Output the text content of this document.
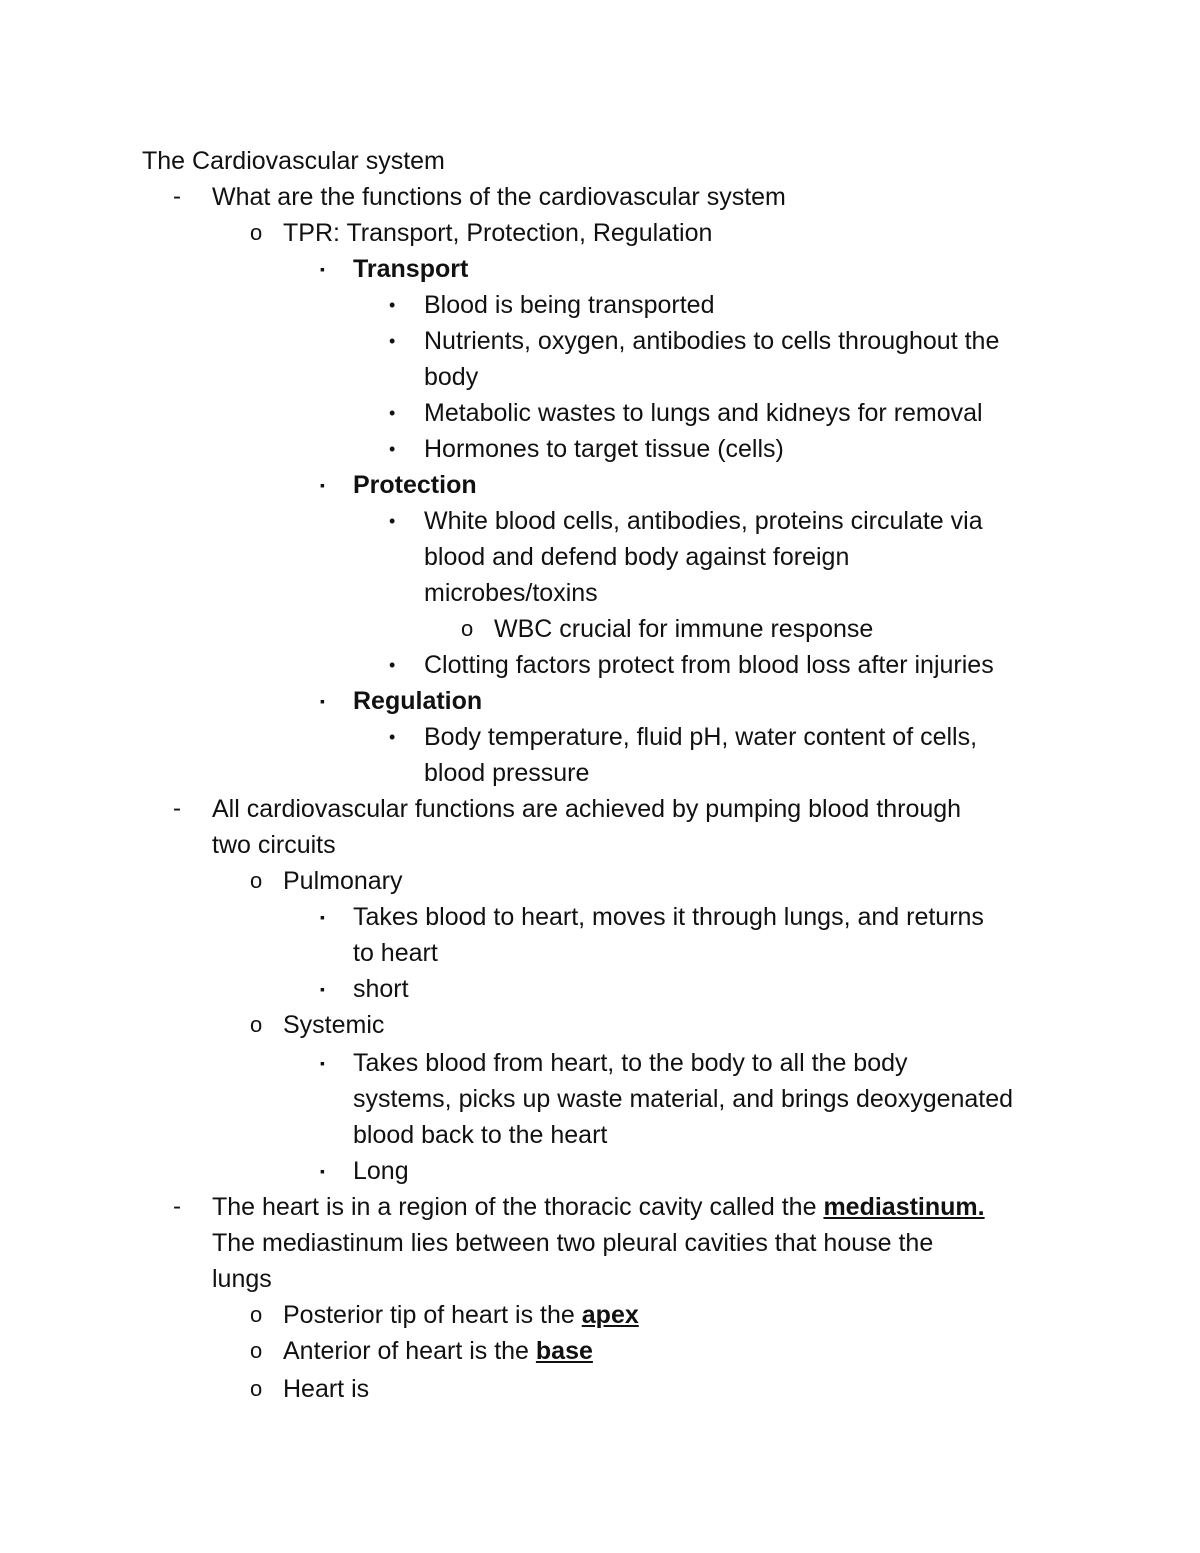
The Cardiovascular system
- What are the functions of the cardiovascular system
o TPR: Transport, Protection, Regulation
▪ Transport
• Blood is being transported
• Nutrients, oxygen, antibodies to cells throughout the
body
• Metabolic wastes to lungs and kidneys for removal
• Hormones to target tissue (cells)
▪ Protection
• White blood cells, antibodies, proteins circulate via
blood and defend body against foreign
microbes/toxins
o WBC crucial for immune response
• Clotting factors protect from blood loss after injuries
▪ Regulation
• Body temperature, fluid pH, water content of cells,
blood pressure
- All cardiovascular functions are achieved by pumping blood through
two circuits
o Pulmonary
▪ Takes blood to heart, moves it through lungs, and returns
to heart
▪ short
o Systemic
▪ Takes blood from heart, to the body to all the body
systems, picks up waste material, and brings deoxygenated
blood back to the heart
▪ Long
- The heart is in a region of the thoracic cavity called the mediastinum.
The mediastinum lies between two pleural cavities that house the
lungs
o Posterior tip of heart is the apex
o Anterior of heart is the base
o Heart is
